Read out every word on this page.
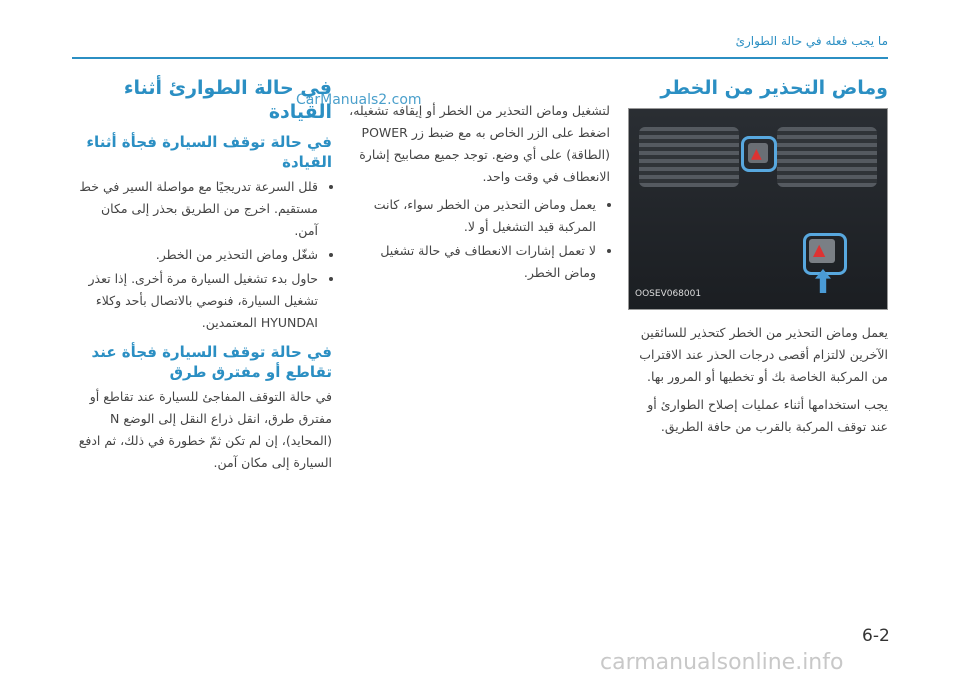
ما يجب فعله في حالة الطوارئ
وماض التحذير من الخطر
▲
▲
OOSEV068001

يعمل وماض التحذير من الخطر كتحذير للسائقين الآخرين لالتزام أقصى درجات الحذر عند الاقتراب من المركبة الخاصة بك أو تخطيها أو المرور بها.

يجب استخدامها أثناء عمليات إصلاح الطوارئ أو عند توقف المركبة بالقرب من حافة الطريق.

لتشغيل وماض التحذير من الخطر أو إيقافه تشغيله، اضغط على الزر الخاص به مع ضبط زر POWER (الطاقة) على أي وضع. توجد جميع مصابيح إشارة الانعطاف في وقت واحد.

• يعمل وماض التحذير من الخطر سواء، كانت المركبة قيد التشغيل أو لا.
• لا تعمل إشارات الانعطاف في حالة تشغيل وماض الخطر.
في حالة الطوارئ أثناء القيادة
في حالة توقف السيارة فجأة أثناء القيادة
• قلل السرعة تدريجيًا مع مواصلة السير في خط مستقيم. اخرج من الطريق بحذر إلى مكان آمن.
• شغّل وماض التحذير من الخطر.
• حاول بدء تشغيل السيارة مرة أخرى. إذا تعذر تشغيل السيارة، فنوصي بالاتصال بأحد وكلاء HYUNDAI المعتمدين.
في حالة توقف السيارة فجأة عند تقاطع أو مفترق طرق

في حالة التوقف المفاجئ للسيارة عند تقاطع أو مفترق طرق، انقل ذراع النقل إلى الوضع N (المحايد)، إن لم تكن ثمّ خطورة في ذلك، ثم ادفع السيارة إلى مكان آمن.

CarManuals2.com
6-2
carmanualsonline.info
